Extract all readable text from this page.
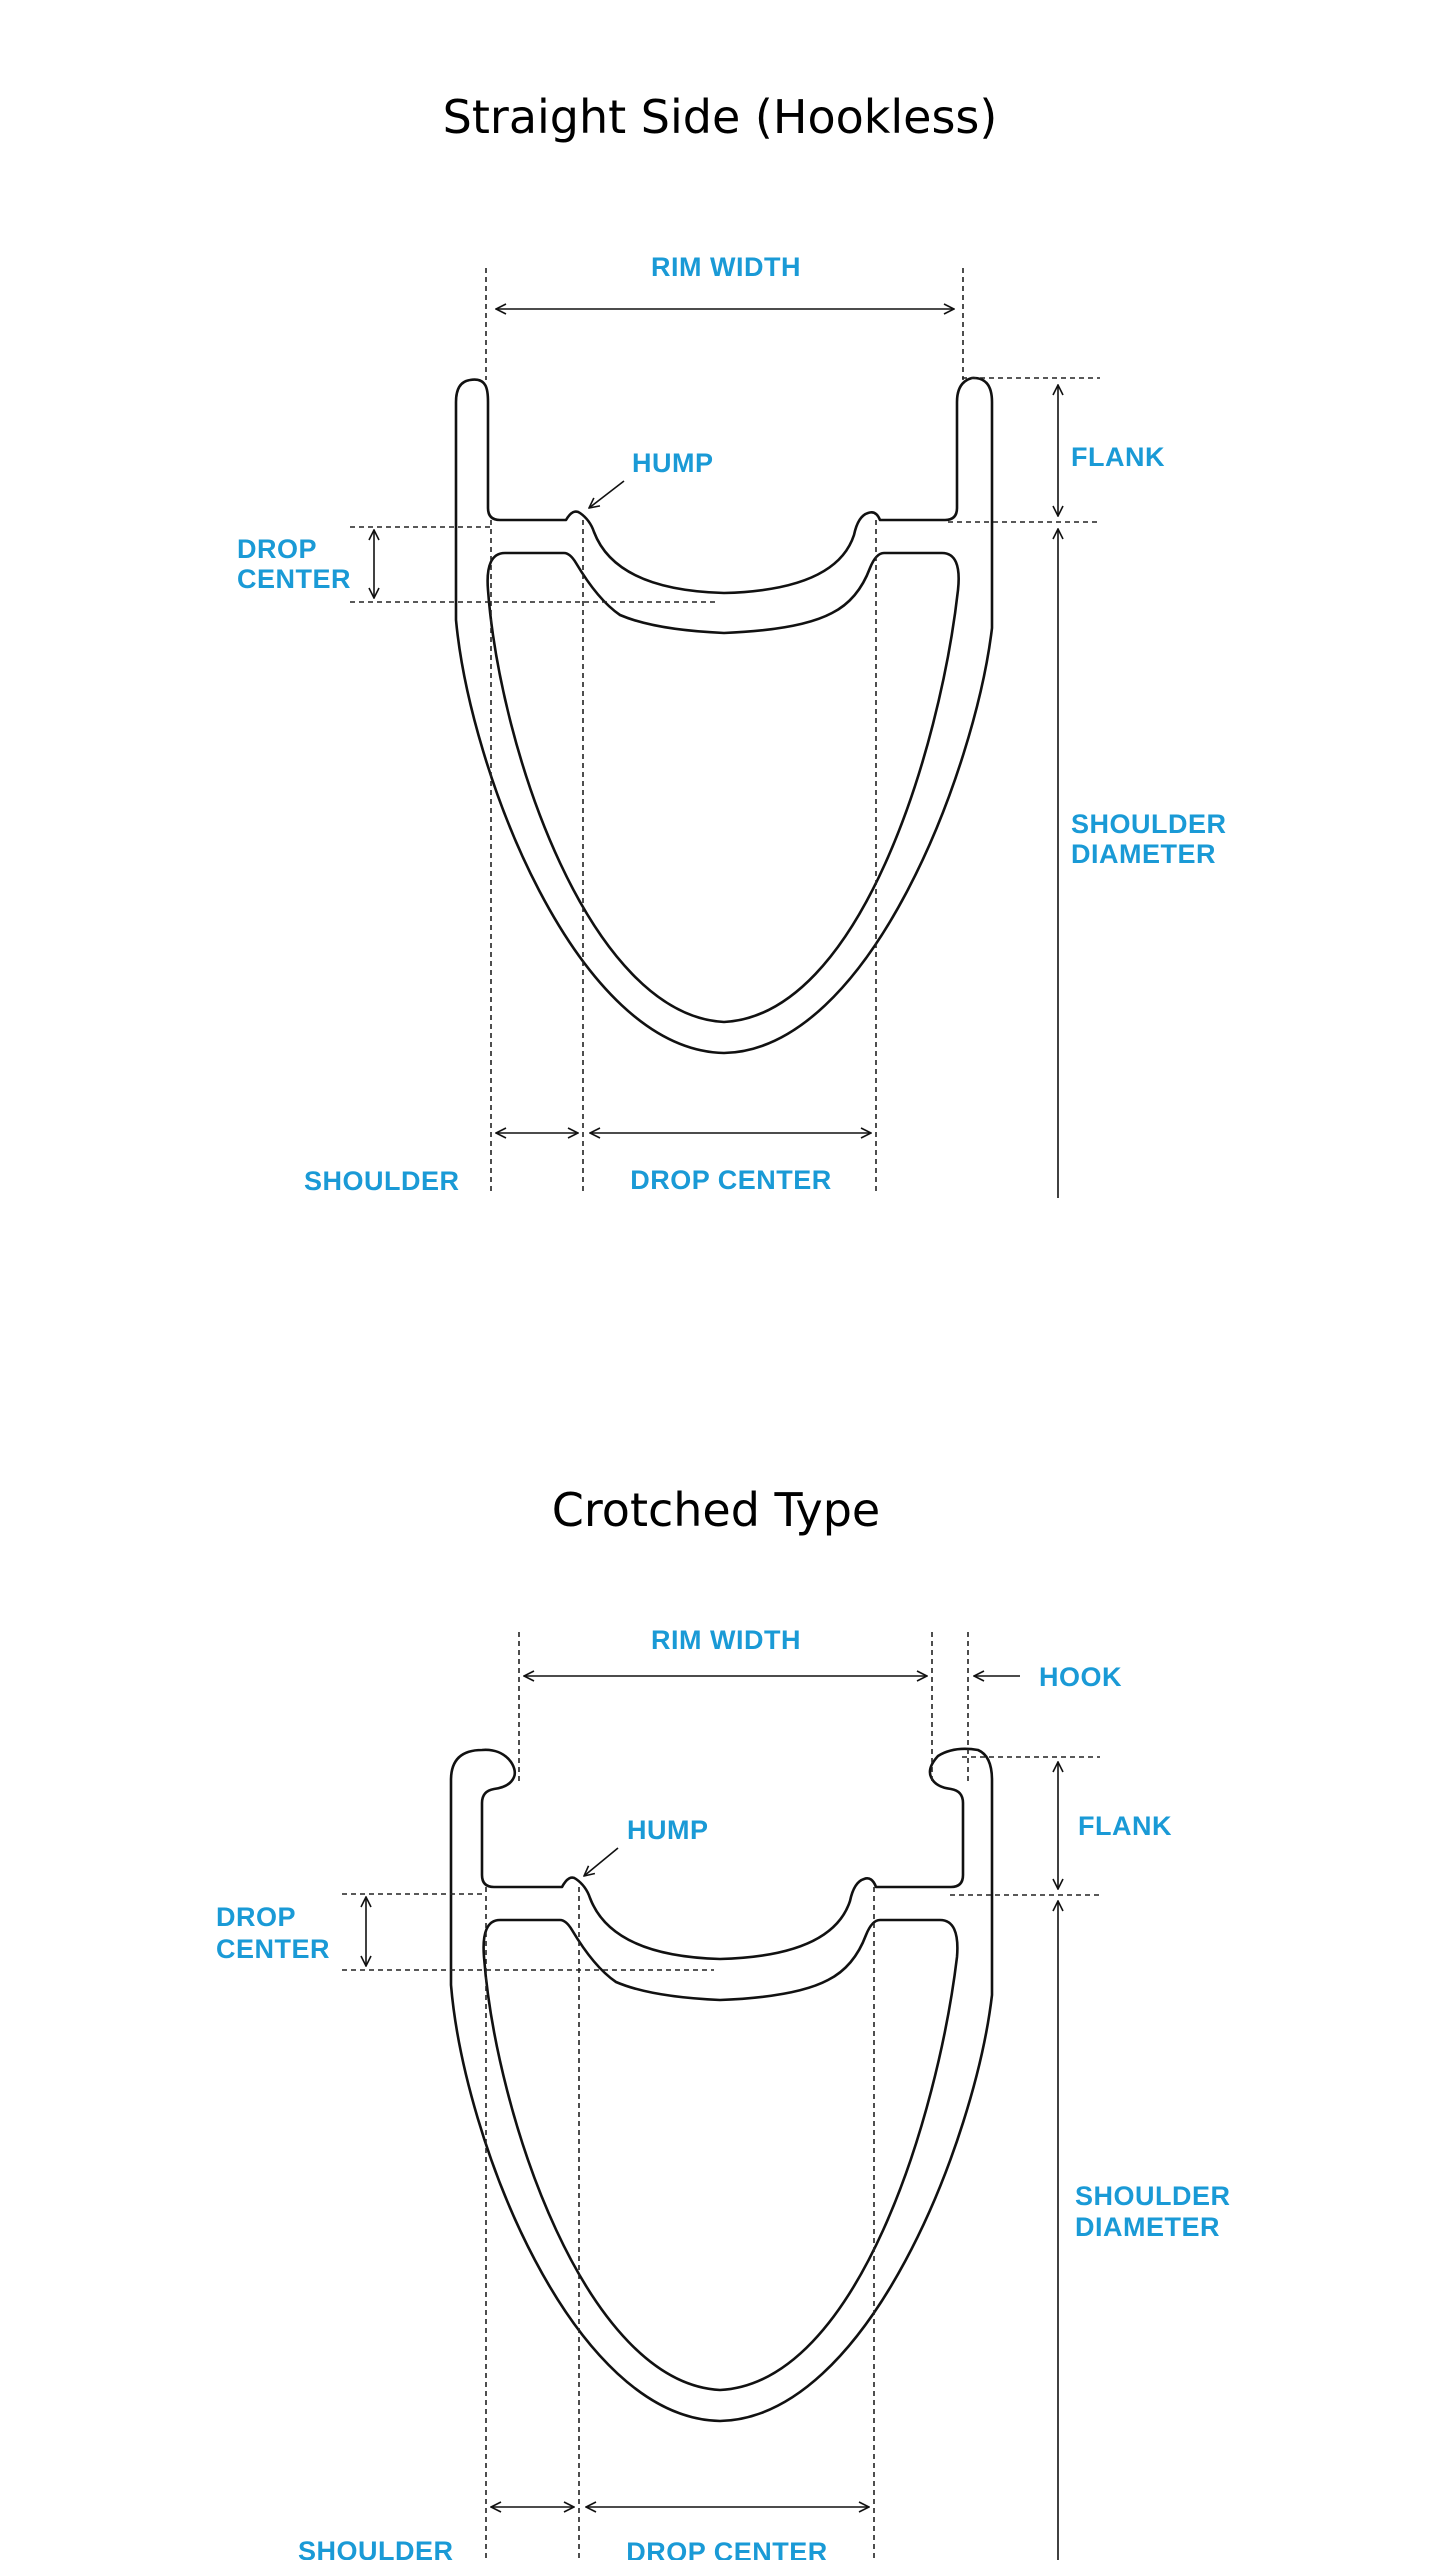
Straight Side (Hookless)
RIM WIDTH
HUMP	FLANK
DROP
CENTER
SHOULDER
DIAMETER
SHOULDER	DROP CENTER
Crotched Type
RIM WIDTH
HOOK
HUMP	FLANK
DROP
CENTER
SHOULDER
DIAMETER
SHOULDER	DROP CENTER
